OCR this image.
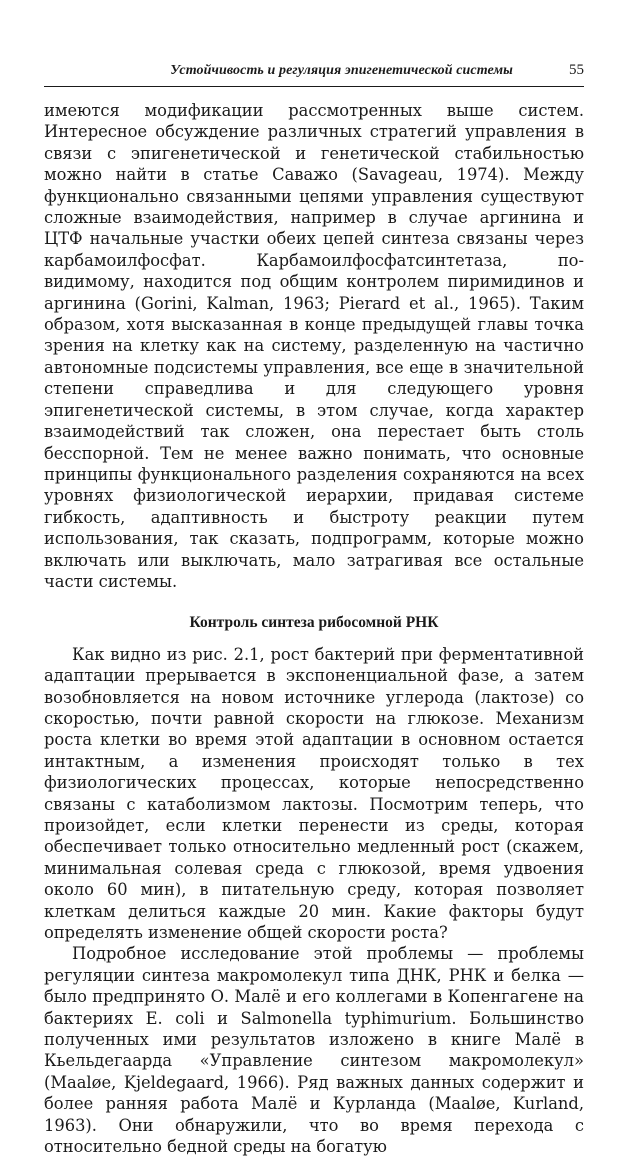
Устойчивость и регуляция эпигенетической системы	55

имеются модификации рассмотренных выше систем. Интересное обсуждение различных стратегий управления в связи с эпигенетической и генетической стабильностью можно найти в статье Саважо (Savageau, 1974). Между функционально связанными цепями управления существуют сложные взаимодействия, например в случае аргинина и ЦТФ начальные участки обеих цепей синтеза связаны через карбамоилфосфат. Карбамоилфосфатсинтетаза, по-видимому, находится под общим контролем пиримидинов и аргинина (Gorini, Kalman, 1963; Pierard et al., 1965). Таким образом, хотя высказанная в конце предыдущей главы точка зрения на клетку как на систему, разделенную на частично автономные подсистемы управления, все еще в значительной степени справедлива и для следующего уровня эпигенетической системы, в этом случае, когда характер взаимодействий так сложен, она перестает быть столь бесспорной. Тем не менее важно понимать, что основные принципы функционального разделения сохраняются на всех уровнях физиологической иерархии, придавая системе гибкость, адаптивность и быстроту реакции путем использования, так сказать, подпрограмм, которые можно включать или выключать, мало затрагивая все остальные части системы.

Контроль синтеза рибосомной РНК

Как видно из рис. 2.1, рост бактерий при ферментативной адаптации прерывается в экспоненциальной фазе, а затем возобновляется на новом источнике углерода (лактозе) со скоростью, почти равной скорости на глюкозе. Механизм роста клетки во время этой адаптации в основном остается интактным, а изменения происходят только в тех физиологических процессах, которые непосредственно связаны с катаболизмом лактозы. Посмотрим теперь, что произойдет, если клетки перенести из среды, которая обеспечивает только относительно медленный рост (скажем, минимальная солевая среда с глюкозой, время удвоения около 60 мин), в питательную среду, которая позволяет клеткам делиться каждые 20 мин. Какие факторы будут определять изменение общей скорости роста?

Подробное исследование этой проблемы — проблемы регуляции синтеза макромолекул типа ДНК, РНК и белка — было предпринято О. Малё и его коллегами в Копенгагене на бактериях E. coli и Salmonella typhimurium. Большинство полученных ими результатов изложено в книге Малё в Кьельдегаарда «Управление синтезом макромолекул» (Maaløe, Kjeldegaard, 1966). Ряд важных данных содержит и более ранняя работа Малё и Курланда (Maaløe, Kurland, 1963). Они обнаружили, что во время перехода с относительно бедной среды на богатую
